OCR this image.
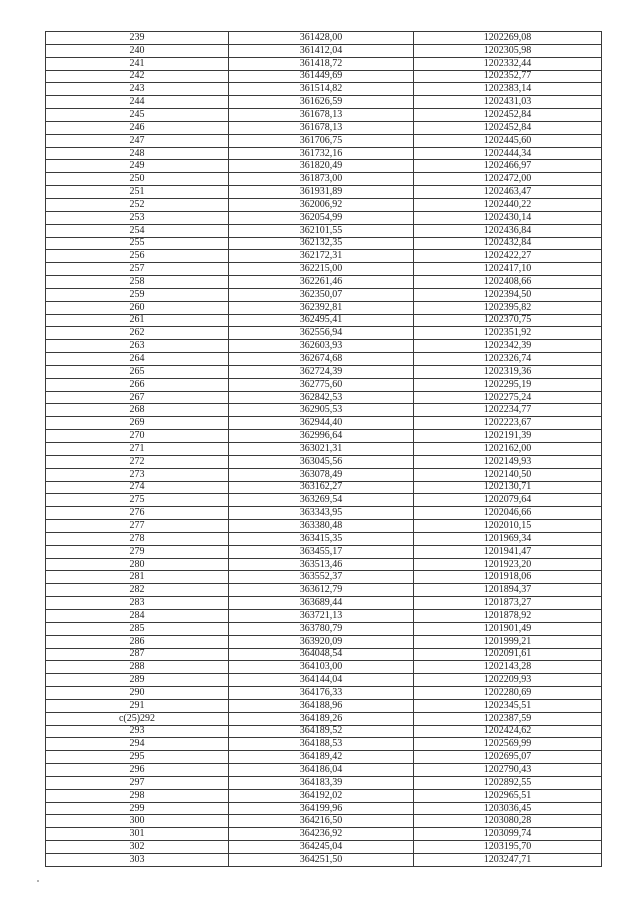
239	361428,00	1202269,08
240	361412,04	1202305,98
241	361418,72	1202332,44
242	361449,69	1202352,77
243	361514,82	1202383,14
244	361626,59	1202431,03
245	361678,13	1202452,84
246	361678,13	1202452,84
247	361706,75	1202445,60
248	361732,16	1202444,34
249	361820,49	1202466,97
250	361873,00	1202472,00
251	361931,89	1202463,47
252	362006,92	1202440,22
253	362054,99	1202430,14
254	362101,55	1202436,84
255	362132,35	1202432,84
256	362172,31	1202422,27
257	362215,00	1202417,10
258	362261,46	1202408,66
259	362350,07	1202394,50
260	362392,81	1202395,82
261	362495,41	1202370,75
262	362556,94	1202351,92
263	362603,93	1202342,39
264	362674,68	1202326,74
265	362724,39	1202319,36
266	362775,60	1202295,19
267	362842,53	1202275,24
268	362905,53	1202234,77
269	362944,40	1202223,67
270	362996,64	1202191,39
271	363021,31	1202162,00
272	363045,56	1202149,93
273	363078,49	1202140,50
274	363162,27	1202130,71
275	363269,54	1202079,64
276	363343,95	1202046,66
277	363380,48	1202010,15
278	363415,35	1201969,34
279	363455,17	1201941,47
280	363513,46	1201923,20
281	363552,37	1201918,06
282	363612,79	1201894,37
283	363689,44	1201873,27
284	363721,13	1201878,92
285	363780,79	1201901,49
286	363920,09	1201999,21
287	364048,54	1202091,61
288	364103,00	1202143,28
289	364144,04	1202209,93
290	364176,33	1202280,69
291	364188,96	1202345,51
c(25)292	364189,26	1202387,59
293	364189,52	1202424,62
294	364188,53	1202569,99
295	364189,42	1202695,07
296	364186,04	1202790,43
297	364183,39	1202892,55
298	364192,02	1202965,51
299	364199,96	1203036,45
300	364216,50	1203080,28
301	364236,92	1203099,74
302	364245,04	1203195,70
303	364251,50	1203247,71
